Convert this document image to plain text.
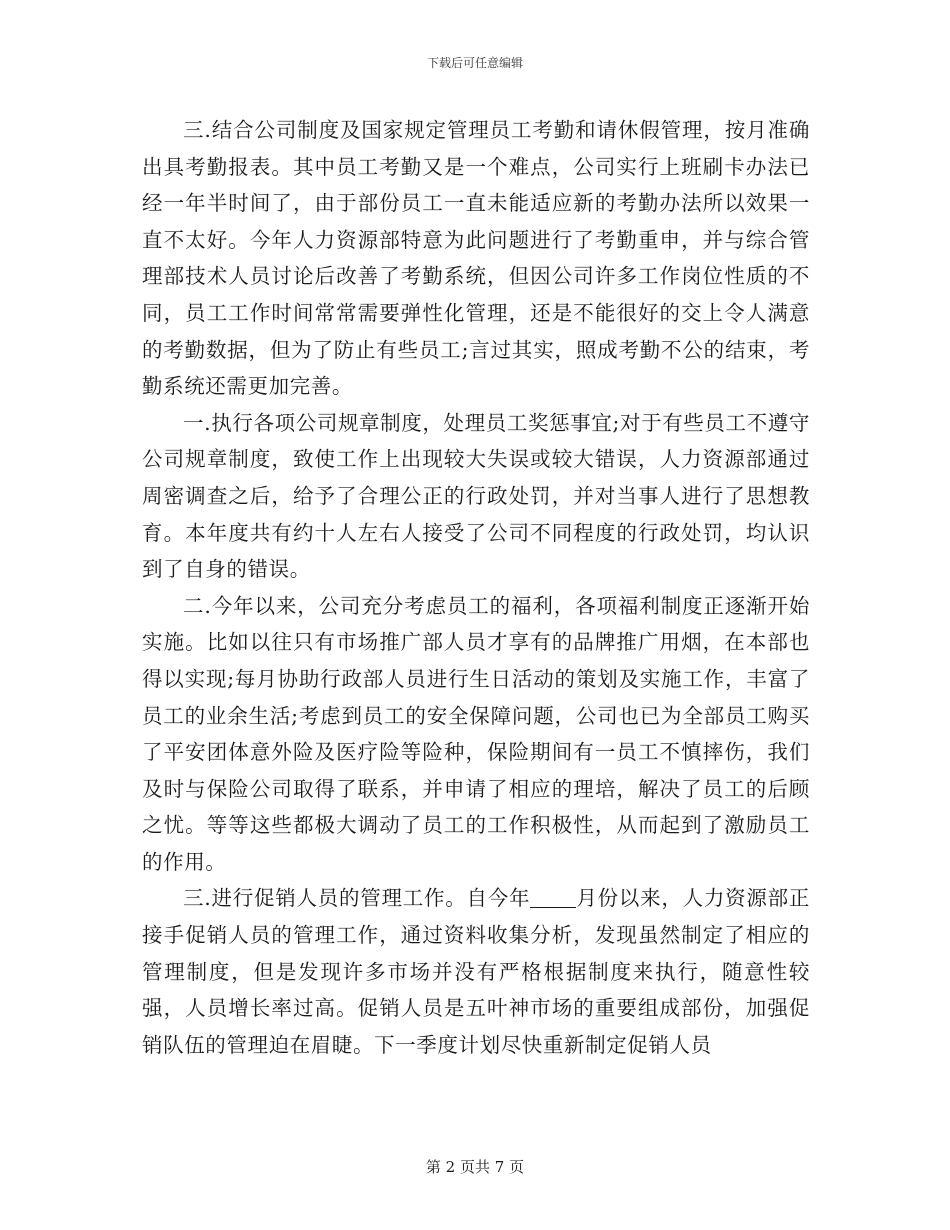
下载后可任意编辑

三.结合公司制度及国家规定管理员工考勤和请休假管理，按月准确出具考勤报表。其中员工考勤又是一个难点，公司实行上班刷卡办法已经一年半时间了，由于部份员工一直未能适应新的考勤办法所以效果一直不太好。今年人力资源部特意为此问题进行了考勤重申，并与综合管理部技术人员讨论后改善了考勤系统，但因公司许多工作岗位性质的不同，员工工作时间常常需要弹性化管理，还是不能很好的交上令人满意的考勤数据，但为了防止有些员工;言过其实，照成考勤不公的结束，考勤系统还需更加完善。

一.执行各项公司规章制度，处理员工奖惩事宜;对于有些员工不遵守公司规章制度，致使工作上出现较大失误或较大错误，人力资源部通过周密调查之后，给予了合理公正的行政处罚，并对当事人进行了思想教育。本年度共有约十人左右人接受了公司不同程度的行政处罚，均认识到了自身的错误。

二.今年以来，公司充分考虑员工的福利，各项福利制度正逐渐开始实施。比如以往只有市场推广部人员才享有的品牌推广用烟，在本部也得以实现;每月协助行政部人员进行生日活动的策划及实施工作，丰富了员工的业余生活;考虑到员工的安全保障问题，公司也已为全部员工购买了平安团体意外险及医疗险等险种，保险期间有一员工不慎摔伤，我们及时与保险公司取得了联系，并申请了相应的理培，解决了员工的后顾之忧。等等这些都极大调动了员工的工作积极性，从而起到了激励员工的作用。

三.进行促销人员的管理工作。自今年 月份以来，人力资源部正接手促销人员的管理工作，通过资料收集分析，发现虽然制定了相应的管理制度，但是发现许多市场并没有严格根据制度来执行，随意性较强，人员增长率过高。促销人员是五叶神市场的重要组成部份，加强促销队伍的管理迫在眉睫。下一季度计划尽快重新制定促销人员

第 2 页共 7 页
